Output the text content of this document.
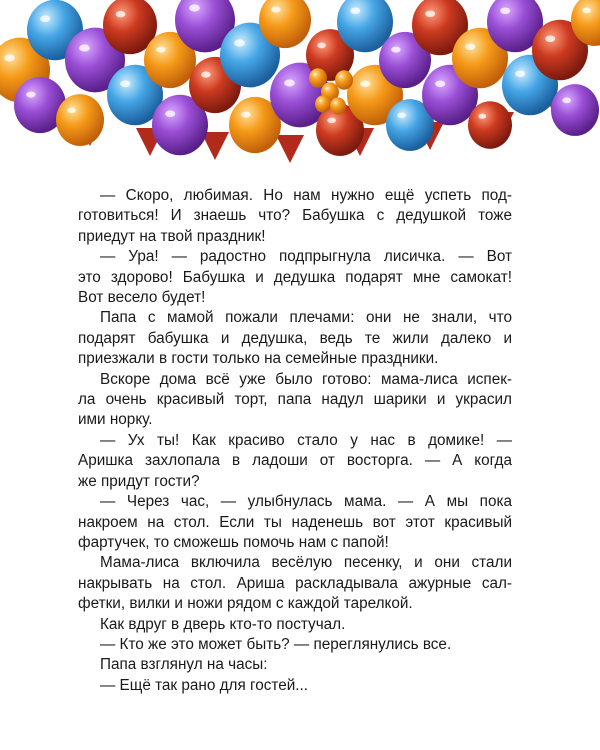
— Скоро, любимая. Но нам нужно ещё успеть под-
готовиться! И знаешь что? Бабушка с дедушкой тоже
приедут на твой праздник!
— Ура! — радостно подпрыгнула лисичка. — Вот
это здорово! Бабушка и дедушка подарят мне самокат!
Вот весело будет!
Папа с мамой пожали плечами: они не знали, что
подарят бабушка и дедушка, ведь те жили далеко и
приезжали в гости только на семейные праздники.
Вскоре дома всё уже было готово: мама-лиса испек-
ла очень красивый торт, папа надул шарики и украсил
ими норку.
— Ух ты! Как красиво стало у нас в домике! —
Аришка захлопала в ладоши от восторга. — А когда
же придут гости?
— Через час, — улыбнулась мама. — А мы пока
накроем на стол. Если ты наденешь вот этот красивый
фартучек, то сможешь помочь нам с папой!
Мама-лиса включила весёлую песенку, и они стали
накрывать на стол. Ариша раскладывала ажурные сал-
фетки, вилки и ножи рядом с каждой тарелкой.
Как вдруг в дверь кто-то постучал.
— Кто же это может быть? — переглянулись все.
Папа взглянул на часы:
— Ещё так рано для гостей...
